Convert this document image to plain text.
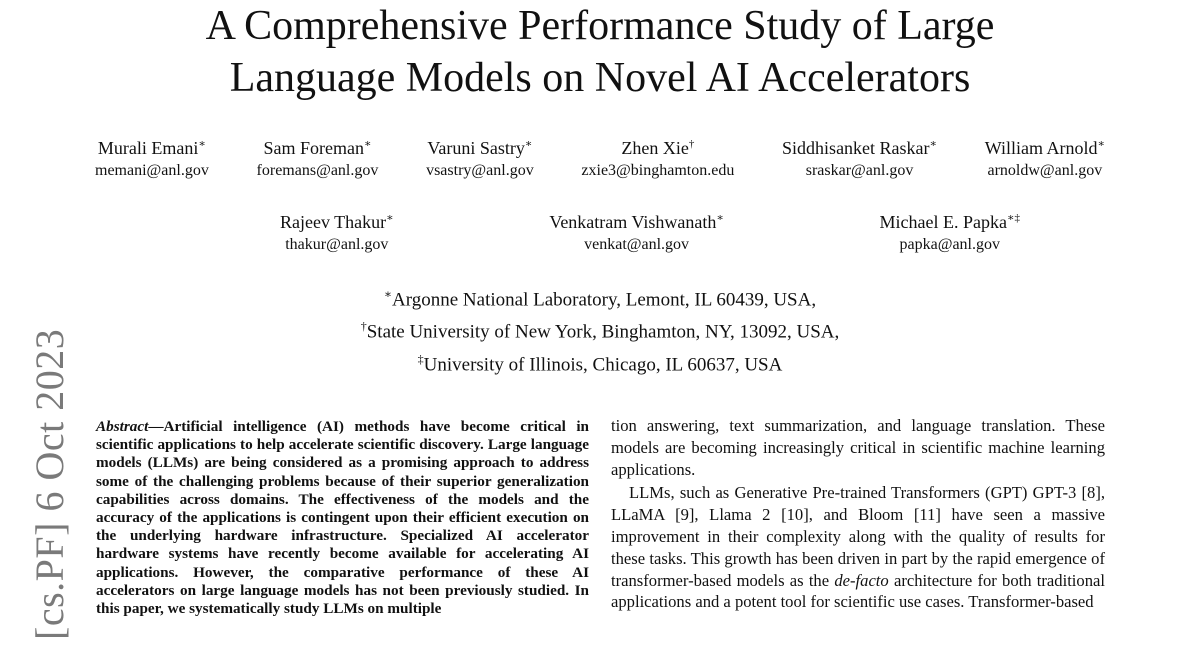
A Comprehensive Performance Study of Large
Language Models on Novel AI Accelerators
Murali Emani∗
memani@anl.gov
Sam Foreman∗
foremans@anl.gov
Varuni Sastry∗
vsastry@anl.gov
Zhen Xie†
zxie3@binghamton.edu
Siddhisanket Raskar∗
sraskar@anl.gov
William Arnold∗
arnoldw@anl.gov
Rajeev Thakur∗
thakur@anl.gov
Venkatram Vishwanath∗
venkat@anl.gov
Michael E. Papka∗‡
papka@anl.gov
∗Argonne National Laboratory, Lemont, IL 60439, USA,
†State University of New York, Binghamton, NY, 13092, USA,
‡University of Illinois, Chicago, IL 60637, USA
[cs.PF] 6 Oct 2023 Abstract—Artificial intelligence (AI) methods have become critical in scientific applications to help accelerate scientific discovery. Large language models (LLMs) are being considered as a promising approach to address some of the challenging problems because of their superior generalization capabilities across domains. The effectiveness of the models and the accuracy of the applications is contingent upon their efficient execution on the underlying hardware infrastructure. Specialized AI accelerator hardware systems have recently become available for accelerating AI applications. However, the comparative performance of these AI accelerators on large language models has not been previously studied. In this paper, we systematically study LLMs on multiple

tion answering, text summarization, and language translation. These models are becoming increasingly critical in scientific machine learning applications.

LLMs, such as Generative Pre-trained Transformers (GPT) GPT-3 [8], LLaMA [9], Llama 2 [10], and Bloom [11] have seen a massive improvement in their complexity along with the quality of results for these tasks. This growth has been driven in part by the rapid emergence of transformer-based models as the de-facto architecture for both traditional applications and a potent tool for scientific use cases. Transformer-based
